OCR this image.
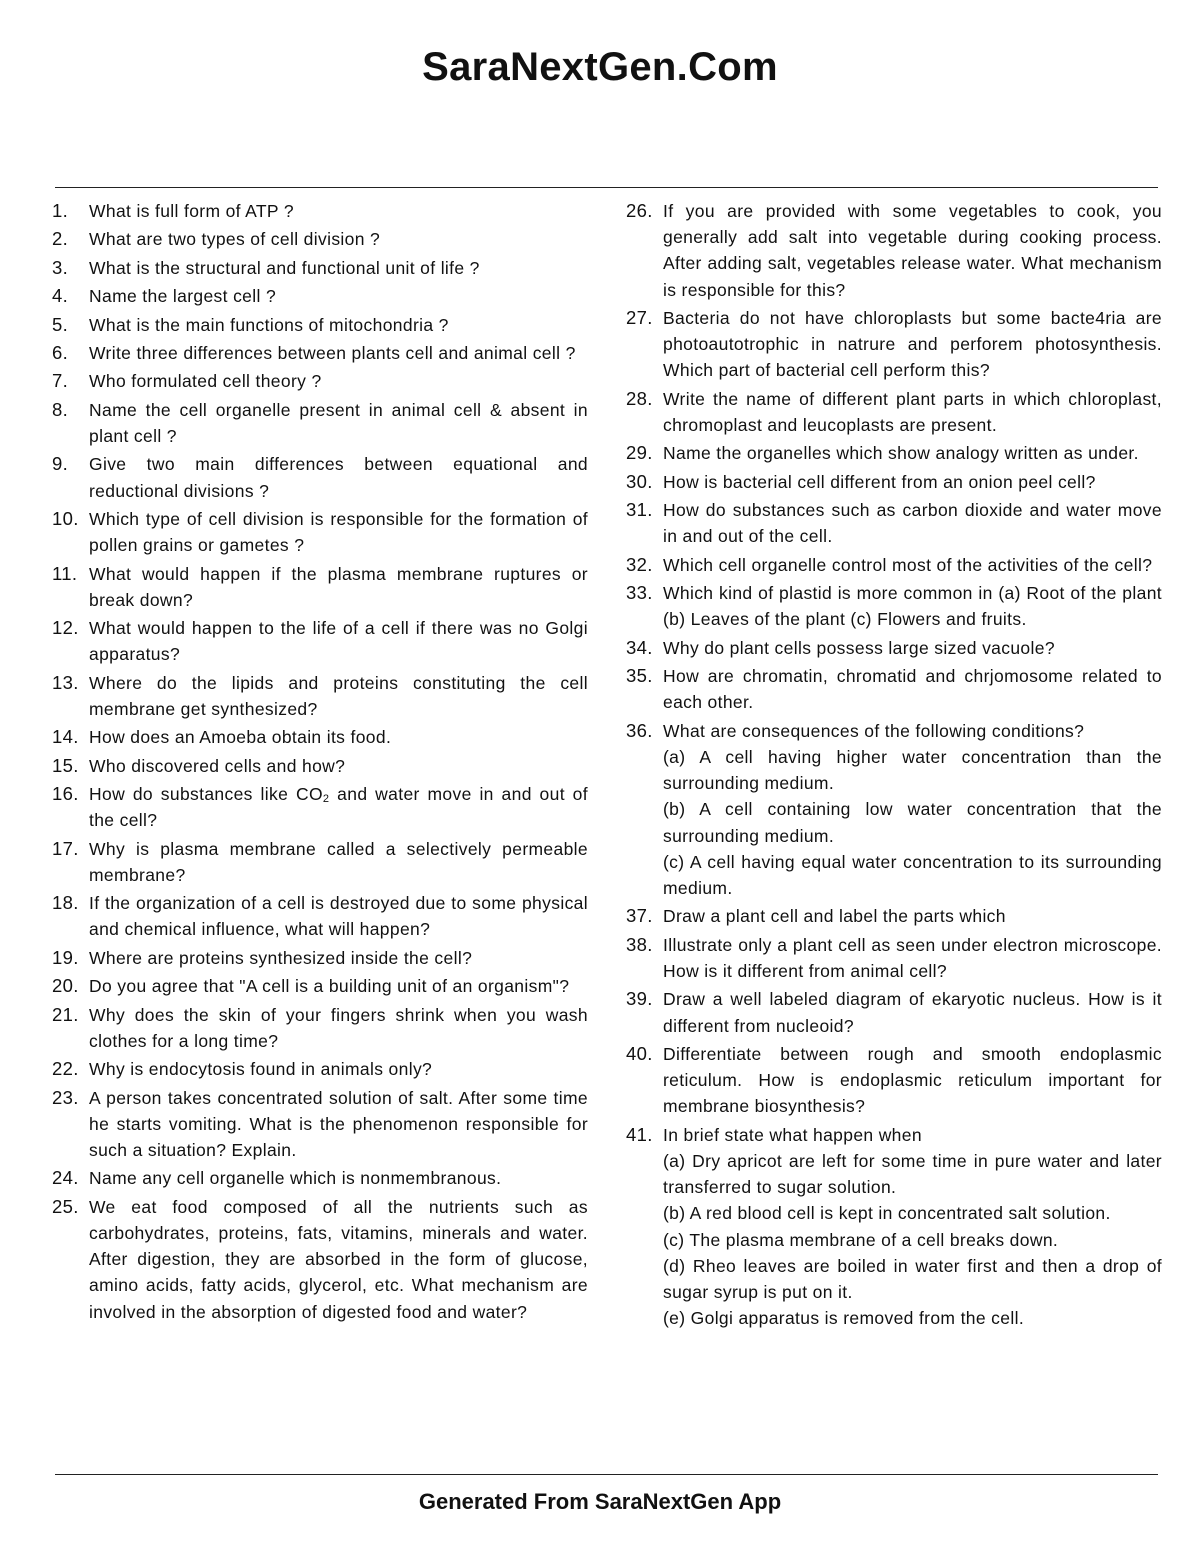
SaraNextGen.Com
1.	What is full form of ATP ?
2.	What are two types of cell division ?
3.	What is the structural and functional unit of life ?
4.	Name the largest cell ?
5.	What is the main functions of mitochondria ?
6.	Write three differences between plants cell and animal cell ?
7.	Who formulated cell theory ?
8.	Name the cell organelle present in animal cell & absent in plant cell ?
9.	Give two main differences between equational and reductional divisions ?
10. Which type of cell division is responsible for the formation of pollen grains or gametes ?
11. What would happen if the plasma membrane ruptures or break down?
12. What would happen to the life of a cell if there was no Golgi apparatus?
13. Where do the lipids and proteins constituting the cell membrane get synthesized?
14. How does an Amoeba obtain its food.
15. Who discovered cells and how?
16. How do substances like $CO_2$ and water move in and out of the cell?
17. Why is plasma membrane called a selectively permeable membrane?
18. If the organization of a cell is destroyed due to some physical and chemical influence, what will happen?
19. Where are proteins synthesized inside the cell?
20. Do you agree that "A cell is a building unit of an organism"?
21. Why does the skin of your fingers shrink when you wash clothes for a long time?
22. Why is endocytosis found in animals only?
23. A person takes concentrated solution of salt. After some time he starts vomiting. What is the phenomenon responsible for such a situation? Explain.
24. Name any cell organelle which is nonmembranous.
25. We eat food composed of all the nutrients such as carbohydrates, proteins, fats, vitamins, minerals and water. After digestion, they are absorbed in the form of glucose, amino acids, fatty acids, glycerol, etc. What mechanism are involved in the absorption of digested food and water?
26. If you are provided with some vegetables to cook, you generally add salt into vegetable during cooking process. After adding salt, vegetables release water. What mechanism is responsible for this?
27. Bacteria do not have chloroplasts but some bacte4ria are photoautotrophic in natrure and perforem photosynthesis. Which part of bacterial cell perform this?
28. Write the name of different plant parts in which chloroplast, chromoplast and leucoplasts are present.
29. Name the organelles which show analogy written as under.
30. How is bacterial cell different from an onion peel cell?
31. How do substances such as carbon dioxide and water move in and out of the cell.
32. Which cell organelle control most of the activities of the cell?
33. Which kind of plastid is more common in (a) Root of the plant (b) Leaves of the plant (c) Flowers and fruits.
34. Why do plant cells possess large sized vacuole?
35. How are chromatin, chromatid and chrjomosome related to each other.
36. What are consequences of the following conditions?
(a) A cell having higher water concentration than the surrounding medium.
(b) A cell containing low water concentration that the surrounding medium.
(c) A cell having equal water concentration to its surrounding medium.
37. Draw a plant cell and label the parts which
38. Illustrate only a plant cell as seen under electron microscope. How is it different from animal cell?
39. Draw a well labeled diagram of ekaryotic nucleus. How is it different from nucleoid?
40. Differentiate between rough and smooth endoplasmic reticulum. How is endoplasmic reticulum important for membrane biosynthesis?
41. In brief state what happen when
(a) Dry apricot are left for some time in pure water and later transferred to sugar solution.
(b) A red blood cell is kept in concentrated salt solution.
(c) The plasma membrane of a cell breaks down.
(d) Rheo leaves are boiled in water first and then a drop of sugar syrup is put on it.
(e) Golgi apparatus is removed from the cell.
Generated From SaraNextGen App
